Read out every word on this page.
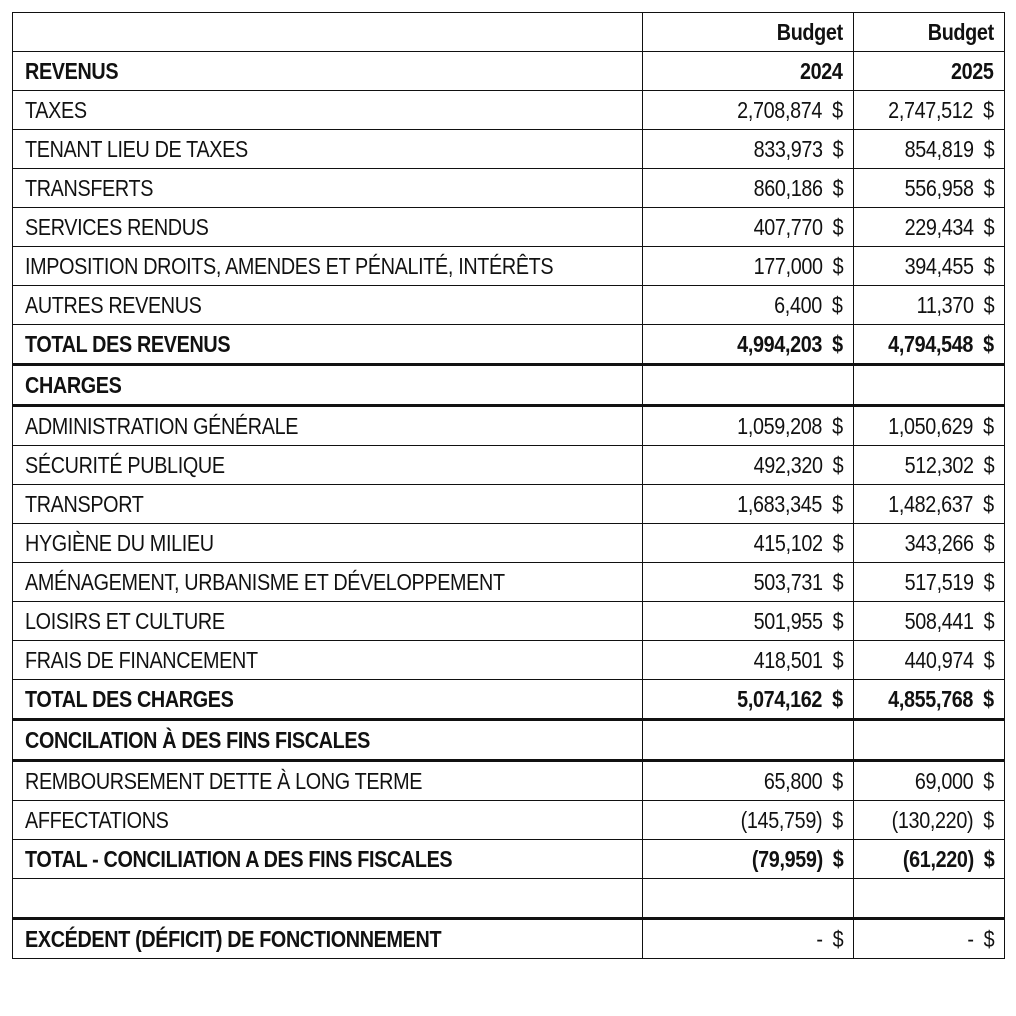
	Budget	Budget
REVENUS	2024	2025
TAXES	2,708,874 $	2,747,512 $
TENANT LIEU DE TAXES	833,973 $	854,819 $
TRANSFERTS	860,186 $	556,958 $
SERVICES RENDUS	407,770 $	229,434 $
IMPOSITION DROITS, AMENDES ET PÉNALITÉ, INTÉRÊTS	177,000 $	394,455 $
AUTRES REVENUS	6,400 $	11,370 $
TOTAL DES REVENUS	4,994,203 $	4,794,548 $
CHARGES		
ADMINISTRATION GÉNÉRALE	1,059,208 $	1,050,629 $
SÉCURITÉ PUBLIQUE	492,320 $	512,302 $
TRANSPORT	1,683,345 $	1,482,637 $
HYGIÈNE DU MILIEU	415,102 $	343,266 $
AMÉNAGEMENT, URBANISME ET DÉVELOPPEMENT	503,731 $	517,519 $
LOISIRS ET CULTURE	501,955 $	508,441 $
FRAIS DE FINANCEMENT	418,501 $	440,974 $
TOTAL DES CHARGES	5,074,162 $	4,855,768 $
CONCILATION À DES FINS FISCALES		
REMBOURSEMENT DETTE À LONG TERME	65,800 $	69,000 $
AFFECTATIONS	(145,759) $	(130,220) $
TOTAL - CONCILIATION A DES FINS FISCALES	(79,959) $	(61,220) $

EXCÉDENT (DÉFICIT) DE FONCTIONNEMENT	- $	- $
